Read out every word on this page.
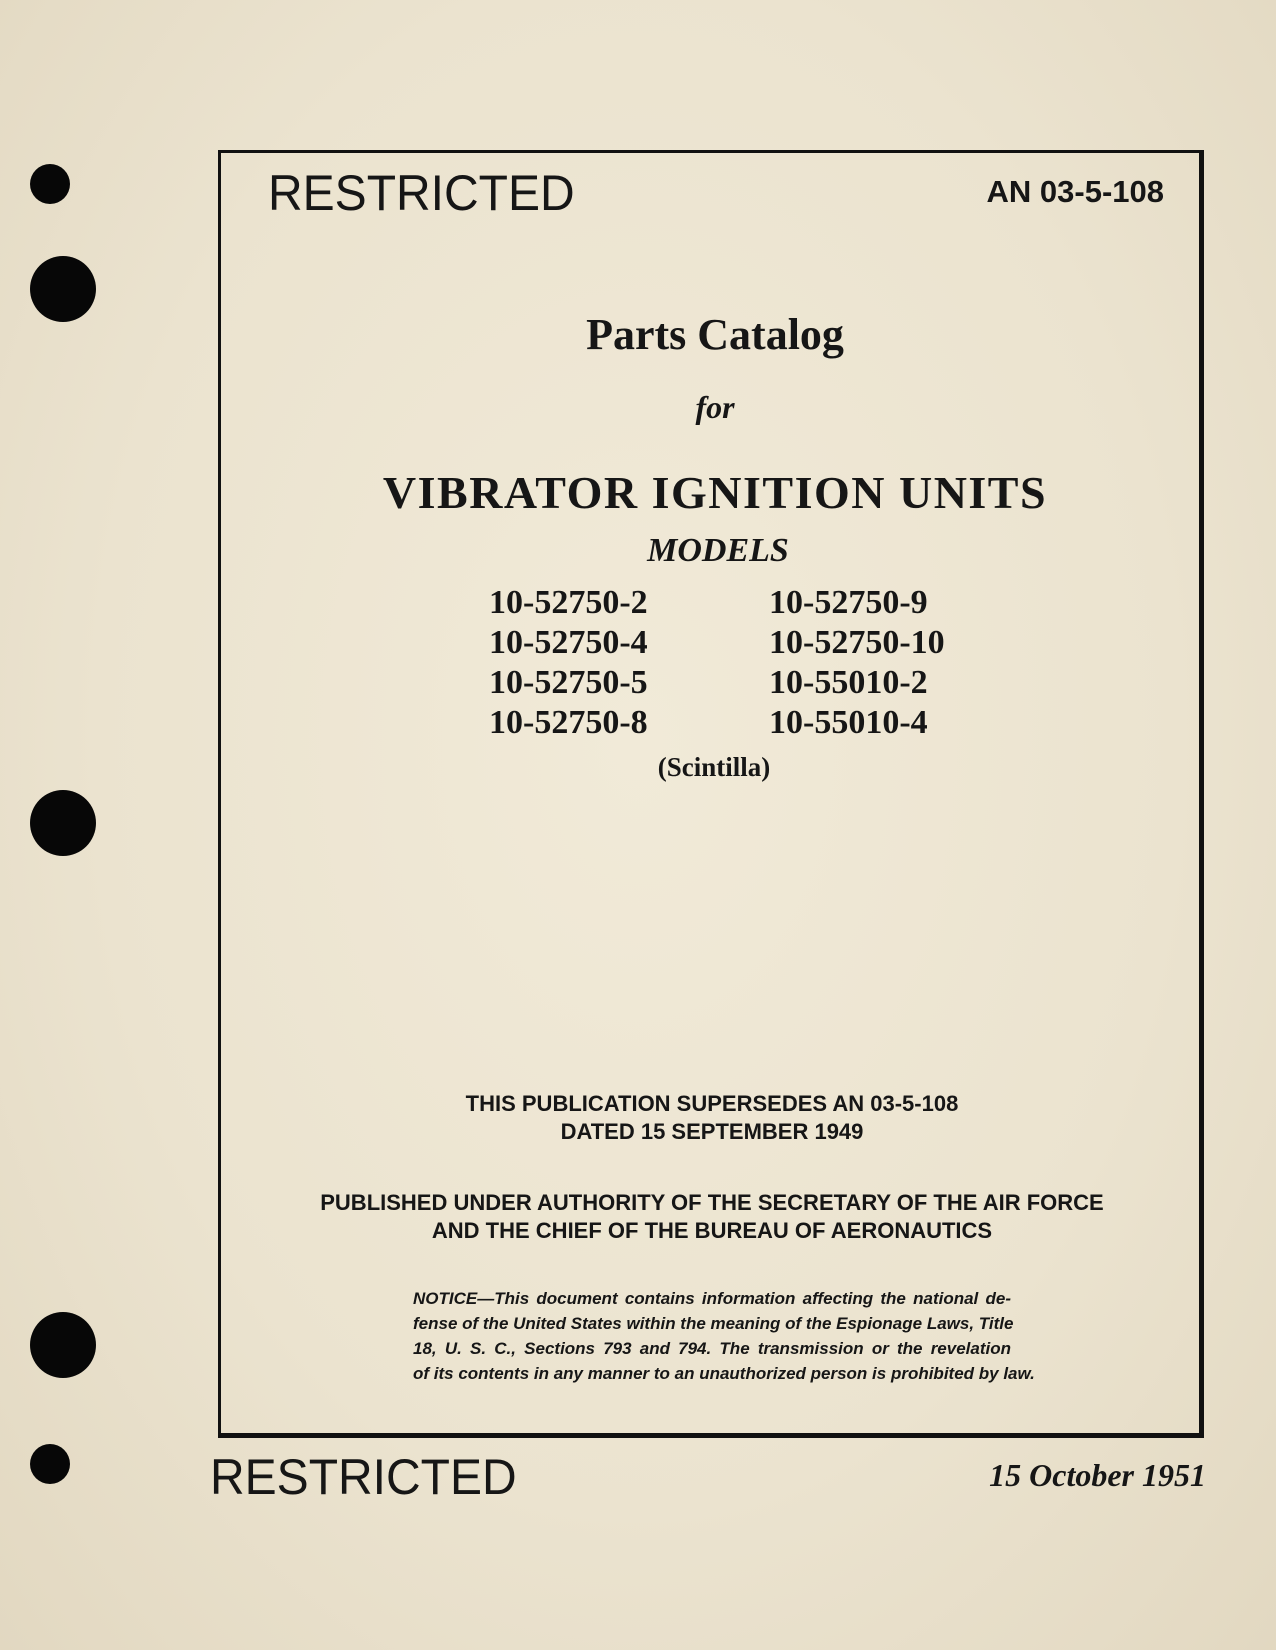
RESTRICTED	AN 03-5-108
Parts Catalog
for
VIBRATOR IGNITION UNITS
MODELS
10-52750-2	10-52750-9
10-52750-4	10-52750-10
10-52750-5	10-55010-2
10-52750-8	10-55010-4
(Scintilla)
THIS PUBLICATION SUPERSEDES AN 03-5-108
DATED 15 SEPTEMBER 1949
PUBLISHED UNDER AUTHORITY OF THE SECRETARY OF THE AIR FORCE
AND THE CHIEF OF THE BUREAU OF AERONAUTICS
NOTICE—This document contains information affecting the national de-
fense of the United States within the meaning of the Espionage Laws, Title
18, U. S. C., Sections 793 and 794. The transmission or the revelation
of its contents in any manner to an unauthorized person is prohibited by law.
RESTRICTED	15 October 1951
